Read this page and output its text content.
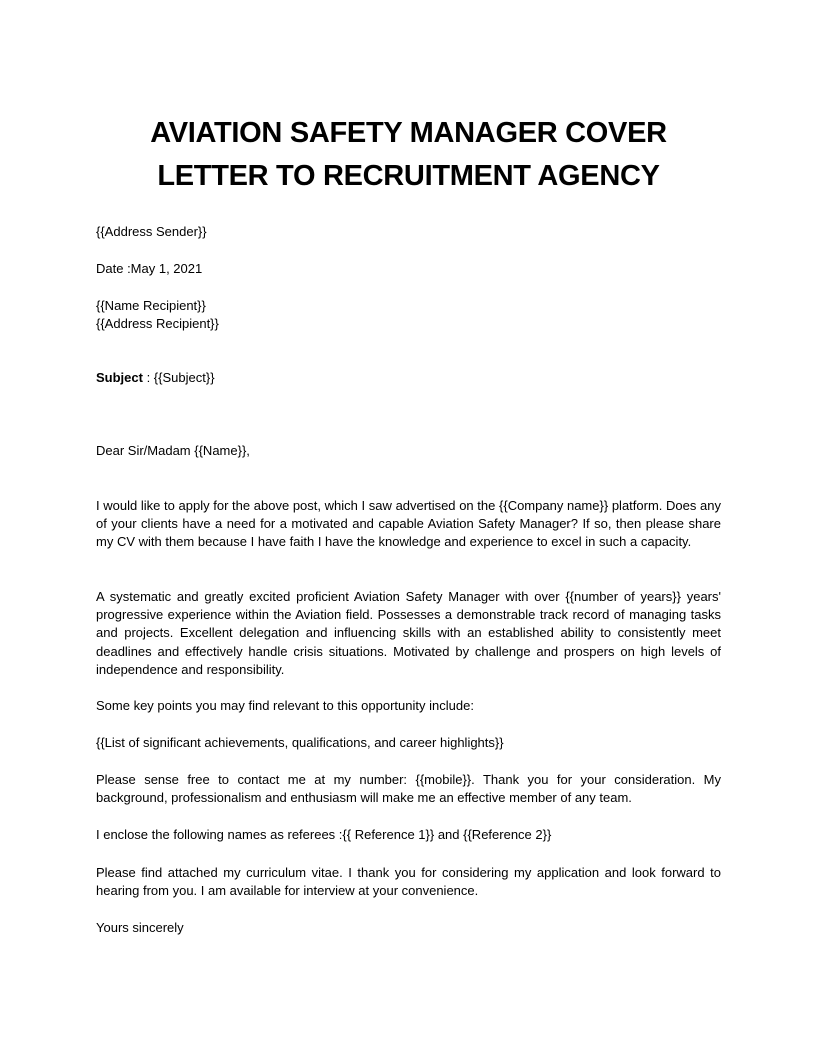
AVIATION SAFETY MANAGER COVER
LETTER TO RECRUITMENT AGENCY

{{Address Sender}}

Date :May 1, 2021

{{Name Recipient}}

{{Address Recipient}}

Subject : {{Subject}}

Dear Sir/Madam {{Name}},

I would like to apply for the above post, which I saw advertised on the {{Company name}} platform. Does any of your clients have a need for a motivated and capable Aviation Safety Manager? If so, then please share my CV with them because I have faith I have the knowledge and experience to excel in such a capacity.

A systematic and greatly excited proficient Aviation Safety Manager with over {{number of years}} years' progressive experience within the Aviation field. Possesses a demonstrable track record of managing tasks and projects. Excellent delegation and influencing skills with an established ability to consistently meet deadlines and effectively handle crisis situations. Motivated by challenge and prospers on high levels of independence and responsibility.

Some key points you may find relevant to this opportunity include:

{{List of significant achievements, qualifications, and career highlights}}

Please sense free to contact me at my number: {{mobile}}. Thank you for your consideration. My background, professionalism and enthusiasm will make me an effective member of any team.

I enclose the following names as referees :{{ Reference 1}} and {{Reference 2}}

Please find attached my curriculum vitae. I thank you for considering my application and look forward to hearing from you. I am available for interview at your convenience.

Yours sincerely
